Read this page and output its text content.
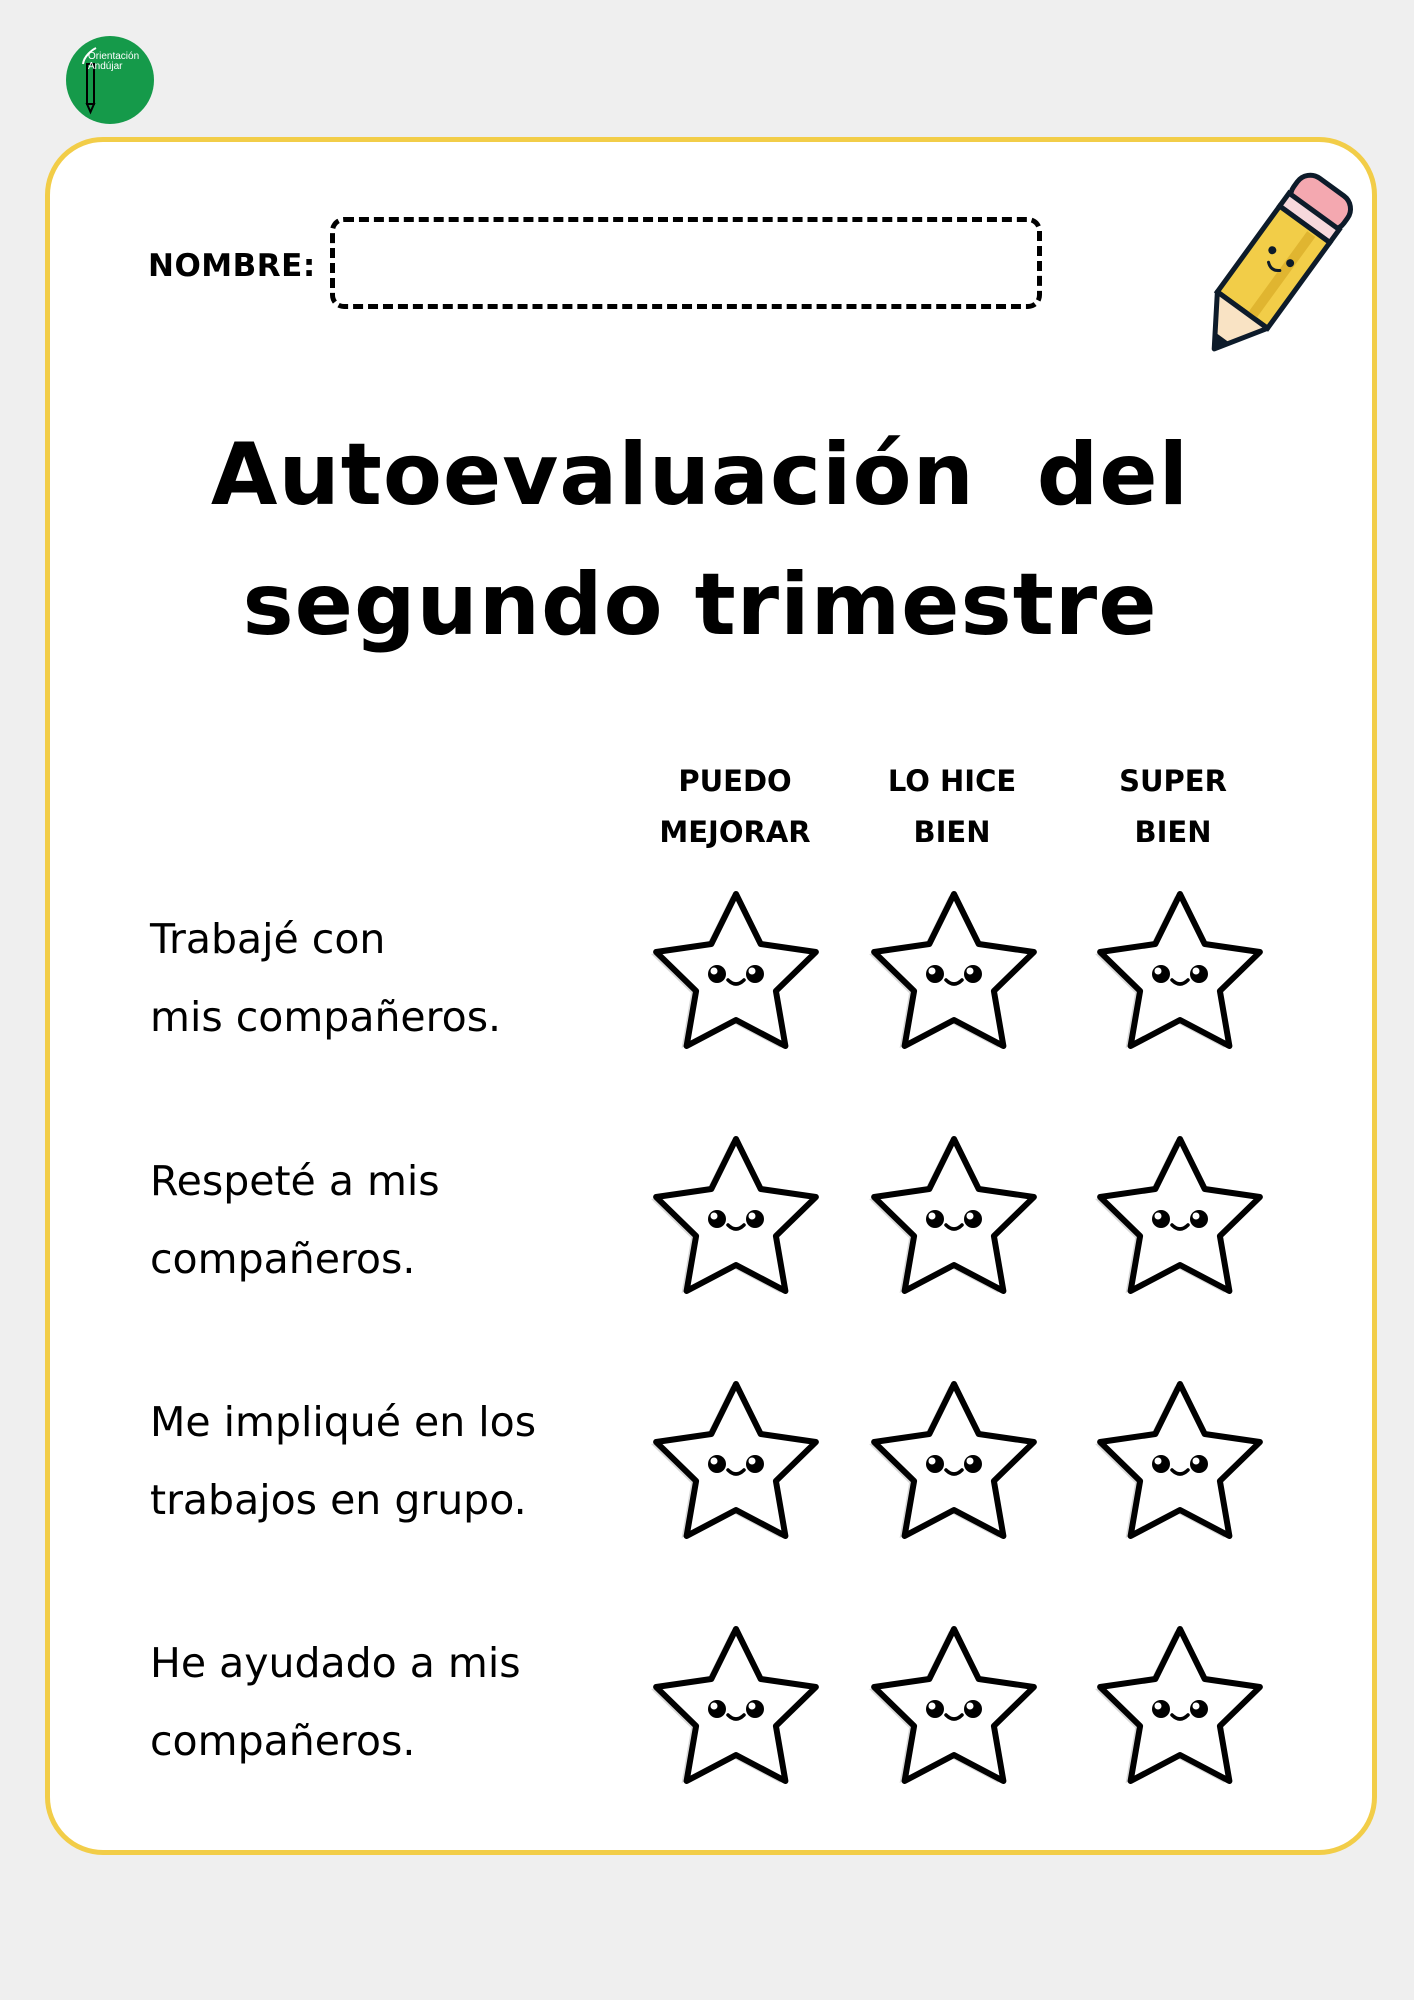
Orientación
Andújar
NOMBRE:
Autoevaluación  del
segundo trimestre
PUEDO
MEJORAR
LO HICE
BIEN
SUPER
BIEN
Trabajé con
mis compañeros.
Respeté a mis
compañeros.
Me impliqué en los
trabajos en grupo.
He ayudado a mis
compañeros.
